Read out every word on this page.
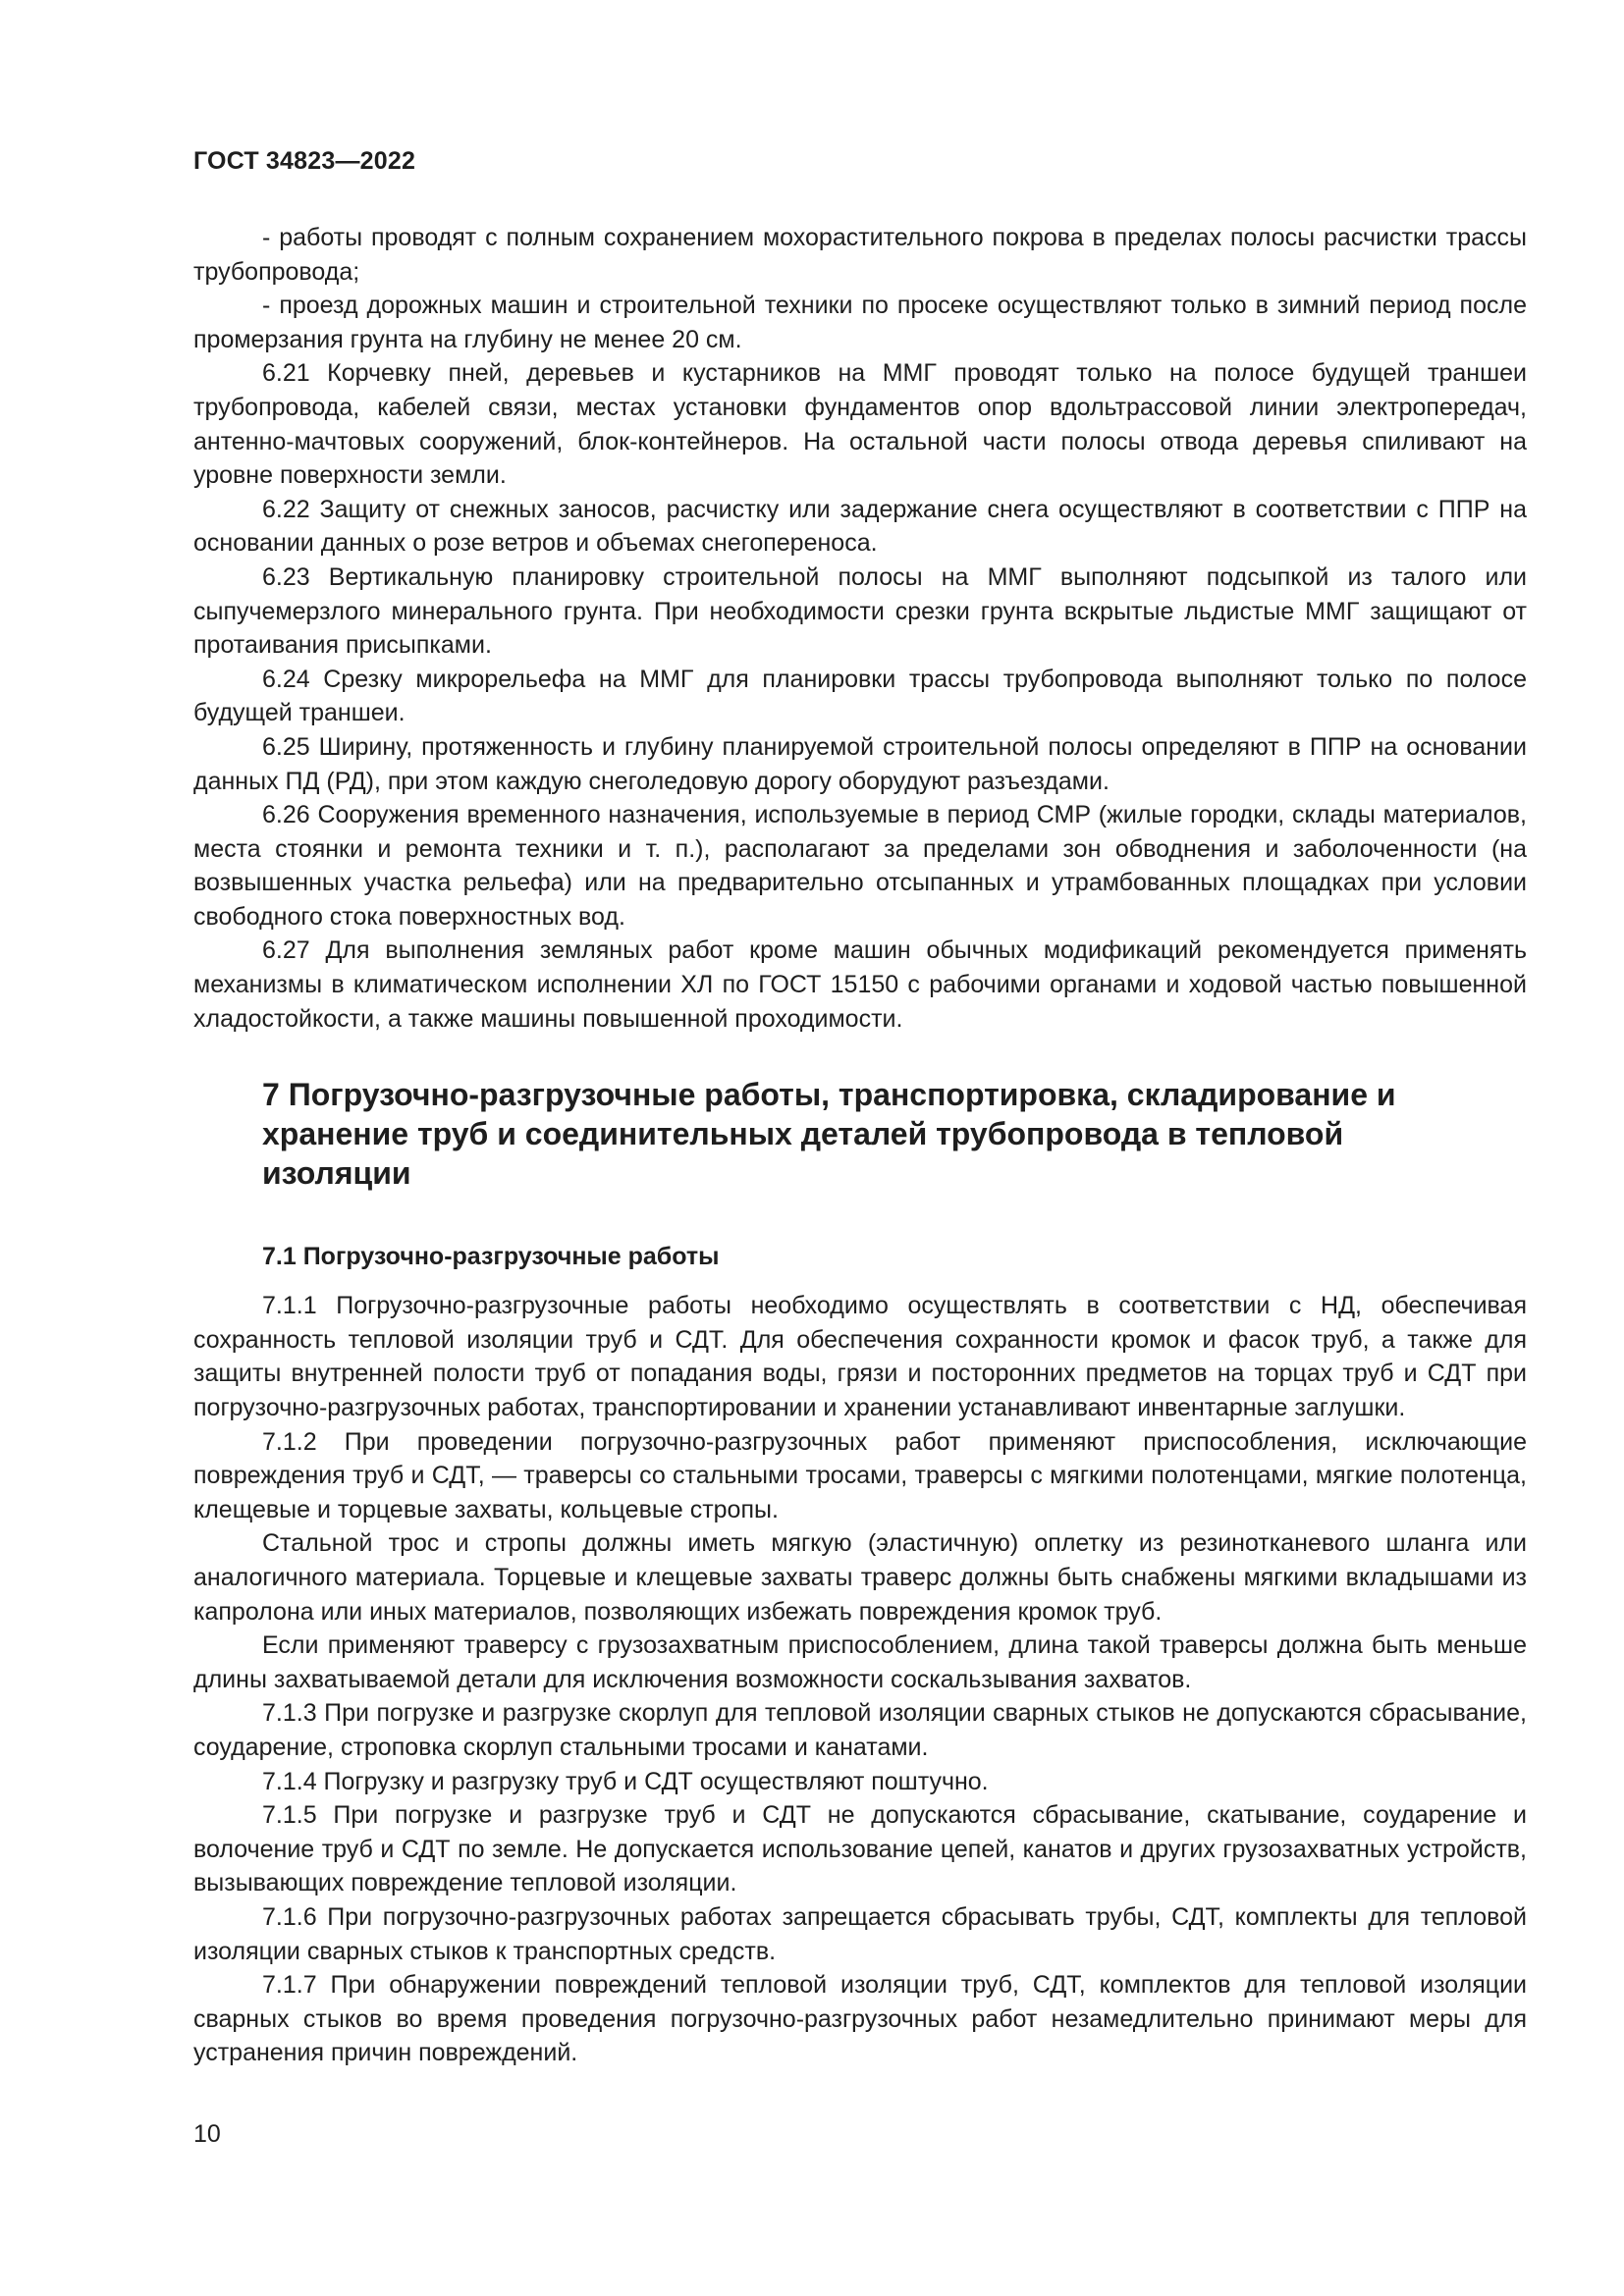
ГОСТ 34823—2022

- работы проводят с полным сохранением мохорастительного покрова в пределах полосы расчистки трассы трубопровода;

- проезд дорожных машин и строительной техники по просеке осуществляют только в зимний период после промерзания грунта на глубину не менее 20 см.

6.21 Корчевку пней, деревьев и кустарников на ММГ проводят только на полосе будущей траншеи трубопровода, кабелей связи, местах установки фундаментов опор вдольтрассовой линии электропередач, антенно-мачтовых сооружений, блок-контейнеров. На остальной части полосы отвода деревья спиливают на уровне поверхности земли.

6.22 Защиту от снежных заносов, расчистку или задержание снега осуществляют в соответствии с ППР на основании данных о розе ветров и объемах снегопереноса.

6.23 Вертикальную планировку строительной полосы на ММГ выполняют подсыпкой из талого или сыпучемерзлого минерального грунта. При необходимости срезки грунта вскрытые льдистые ММГ защищают от протаивания присыпками.

6.24 Срезку микрорельефа на ММГ для планировки трассы трубопровода выполняют только по полосе будущей траншеи.

6.25 Ширину, протяженность и глубину планируемой строительной полосы определяют в ППР на основании данных ПД (РД), при этом каждую снеголедовую дорогу оборудуют разъездами.

6.26 Сооружения временного назначения, используемые в период СМР (жилые городки, склады материалов, места стоянки и ремонта техники и т. п.), располагают за пределами зон обводнения и заболоченности (на возвышенных участка рельефа) или на предварительно отсыпанных и утрамбованных площадках при условии свободного стока поверхностных вод.

6.27 Для выполнения земляных работ кроме машин обычных модификаций рекомендуется применять механизмы в климатическом исполнении ХЛ по ГОСТ 15150 с рабочими органами и ходовой частью повышенной хладостойкости, а также машины повышенной проходимости.

7 Погрузочно-разгрузочные работы, транспортировка, складирование и хранение труб и соединительных деталей трубопровода в тепловой изоляции
7.1 Погрузочно-разгрузочные работы

7.1.1 Погрузочно-разгрузочные работы необходимо осуществлять в соответствии с НД, обеспечивая сохранность тепловой изоляции труб и СДТ. Для обеспечения сохранности кромок и фасок труб, а также для защиты внутренней полости труб от попадания воды, грязи и посторонних предметов на торцах труб и СДТ при погрузочно-разгрузочных работах, транспортировании и хранении устанавливают инвентарные заглушки.

7.1.2 При проведении погрузочно-разгрузочных работ применяют приспособления, исключающие повреждения труб и СДТ, — траверсы со стальными тросами, траверсы с мягкими полотенцами, мягкие полотенца, клещевые и торцевые захваты, кольцевые стропы.

Стальной трос и стропы должны иметь мягкую (эластичную) оплетку из резинотканевого шланга или аналогичного материала. Торцевые и клещевые захваты траверс должны быть снабжены мягкими вкладышами из капролона или иных материалов, позволяющих избежать повреждения кромок труб.

Если применяют траверсу с грузозахватным приспособлением, длина такой траверсы должна быть меньше длины захватываемой детали для исключения возможности соскальзывания захватов.

7.1.3 При погрузке и разгрузке скорлуп для тепловой изоляции сварных стыков не допускаются сбрасывание, соударение, строповка скорлуп стальными тросами и канатами.

7.1.4 Погрузку и разгрузку труб и СДТ осуществляют поштучно.

7.1.5 При погрузке и разгрузке труб и СДТ не допускаются сбрасывание, скатывание, соударение и волочение труб и СДТ по земле. Не допускается использование цепей, канатов и других грузозахватных устройств, вызывающих повреждение тепловой изоляции.

7.1.6 При погрузочно-разгрузочных работах запрещается сбрасывать трубы, СДТ, комплекты для тепловой изоляции сварных стыков к транспортных средств.

7.1.7 При обнаружении повреждений тепловой изоляции труб, СДТ, комплектов для тепловой изоляции сварных стыков во время проведения погрузочно-разгрузочных работ незамедлительно принимают меры для устранения причин повреждений.

10
